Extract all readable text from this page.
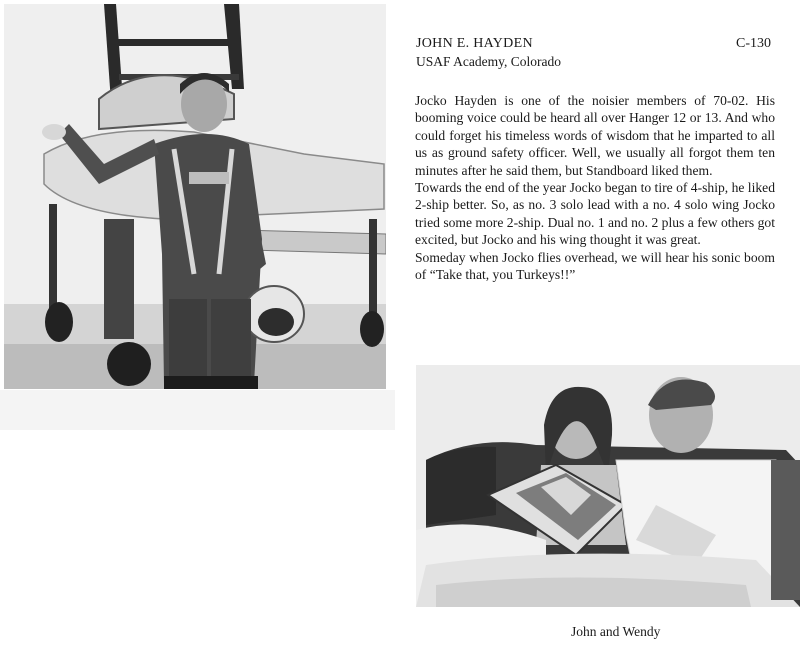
JOHN E. HAYDEN
USAF Academy, Colorado
C-130

Jocko Hayden is one of the noisier members of 70-02. His booming voice could be heard all over Hanger 12 or 13. And who could forget his timeless words of wisdom that he imparted to all us as ground safety officer. Well, we usually all forgot them ten minutes after he said them, but Standboard liked them.

Towards the end of the year Jocko began to tire of 4-ship, he liked 2-ship better. So, as no. 3 solo lead with a no. 4 solo wing Jocko tried some more 2-ship. Dual no. 1 and no. 2 plus a few others got excited, but Jocko and his wing thought it was great.

Someday when Jocko flies overhead, we will hear his sonic boom of “Take that, you Turkeys!!”

John and Wendy
